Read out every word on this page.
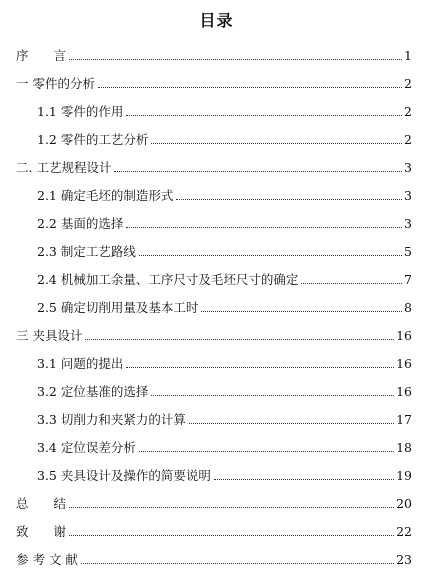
目录
序　　言	1
一 零件的分析	2
1.1 零件的作用	2
1.2 零件的工艺分析	2
二. 工艺规程设计	3
2.1 确定毛坯的制造形式	3
2.2 基面的选择	3
2.3 制定工艺路线	5
2.4 机械加工余量、工序尺寸及毛坯尺寸的确定	7
2.5 确定切削用量及基本工时	8
三 夹具设计	16
3.1 问题的提出	16
3.2 定位基准的选择	16
3.3 切削力和夹紧力的计算	17
3.4 定位误差分析	18
3.5 夹具设计及操作的简要说明	19
总　　结	20
致　　谢	22
参 考 文 献	23
